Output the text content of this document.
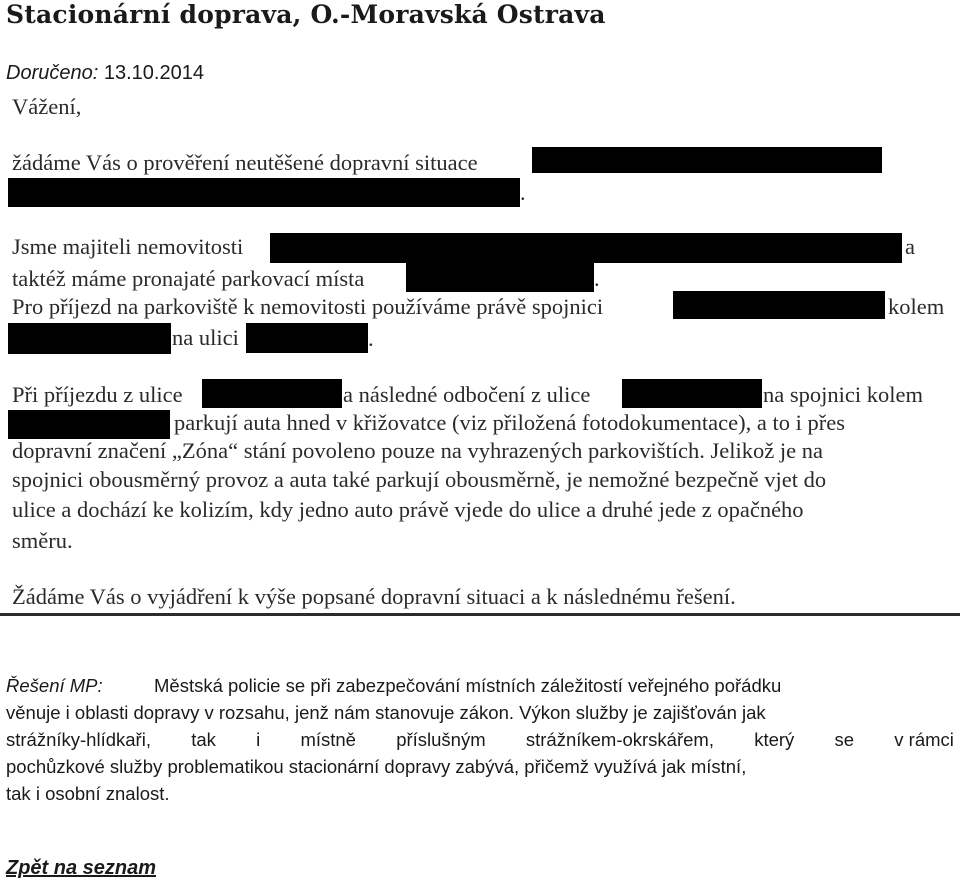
Stacionární doprava, O.-Moravská Ostrava
Doručeno: 13.10.2014
Vážení,
žádáme Vás o prověření neutěšené dopravní situace
.
Jsme majiteli nemovitosti	a
taktéž máme pronajaté parkovací místa	.
Pro příjezd na parkoviště k nemovitosti používáme právě spojnici	kolem
na ulici	.
Při příjezdu z ulice	a následné odbočení z ulice	na spojnici kolem
parkují auta hned v křižovatce (viz přiložená fotodokumentace), a to i přes
dopravní značení „Zóna“ stání povoleno pouze na vyhrazených parkovištích. Jelikož je na
spojnici obousměrný provoz a auta také parkují obousměrně, je nemožné bezpečně vjet do
ulice a dochází ke kolizím, kdy jedno auto právě vjede do ulice a druhé jede z opačného
směru.
Žádáme Vás o vyjádření k výše popsané dopravní situaci a k následnému řešení.
Řešení MP:	Městská policie se při zabezpečování místních záležitostí veřejného pořádku
věnuje i oblasti dopravy v rozsahu, jenž nám stanovuje zákon. Výkon služby je zajišťován jak
strážníky-hlídkaři, tak i místně příslušným strážníkem-okrskářem, který se v rámci
pochůzkové služby problematikou stacionární dopravy zabývá, přičemž využívá jak místní,
tak i osobní znalost.
Zpět na seznam
